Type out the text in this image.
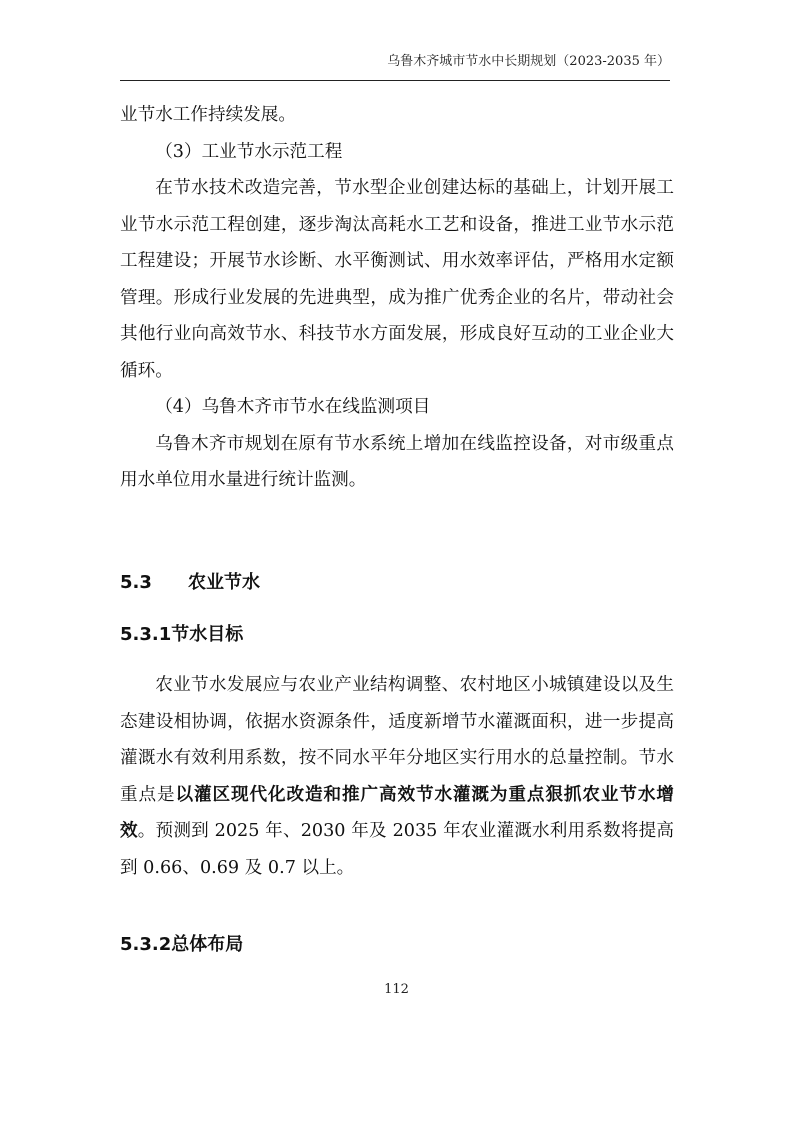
乌鲁木齐城市节水中长期规划（2023-2035 年）

业节水工作持续发展。

（3）工业节水示范工程

在节水技术改造完善，节水型企业创建达标的基础上，计划开展工业节水示范工程创建，逐步淘汰高耗水工艺和设备，推进工业节水示范工程建设；开展节水诊断、水平衡测试、用水效率评估，严格用水定额管理。形成行业发展的先进典型，成为推广优秀企业的名片，带动社会其他行业向高效节水、科技节水方面发展，形成良好互动的工业企业大循环。

（4）乌鲁木齐市节水在线监测项目

乌鲁木齐市规划在原有节水系统上增加在线监控设备，对市级重点用水单位用水量进行统计监测。

5.3 农业节水
5.3.1节水目标

农业节水发展应与农业产业结构调整、农村地区小城镇建设以及生态建设相协调，依据水资源条件，适度新增节水灌溉面积，进一步提高灌溉水有效利用系数，按不同水平年分地区实行用水的总量控制。节水重点是以灌区现代化改造和推广高效节水灌溉为重点狠抓农业节水增效。预测到 2025 年、2030 年及 2035 年农业灌溉水利用系数将提高到 0.66、0.69 及 0.7 以上。

5.3.2总体布局
112
